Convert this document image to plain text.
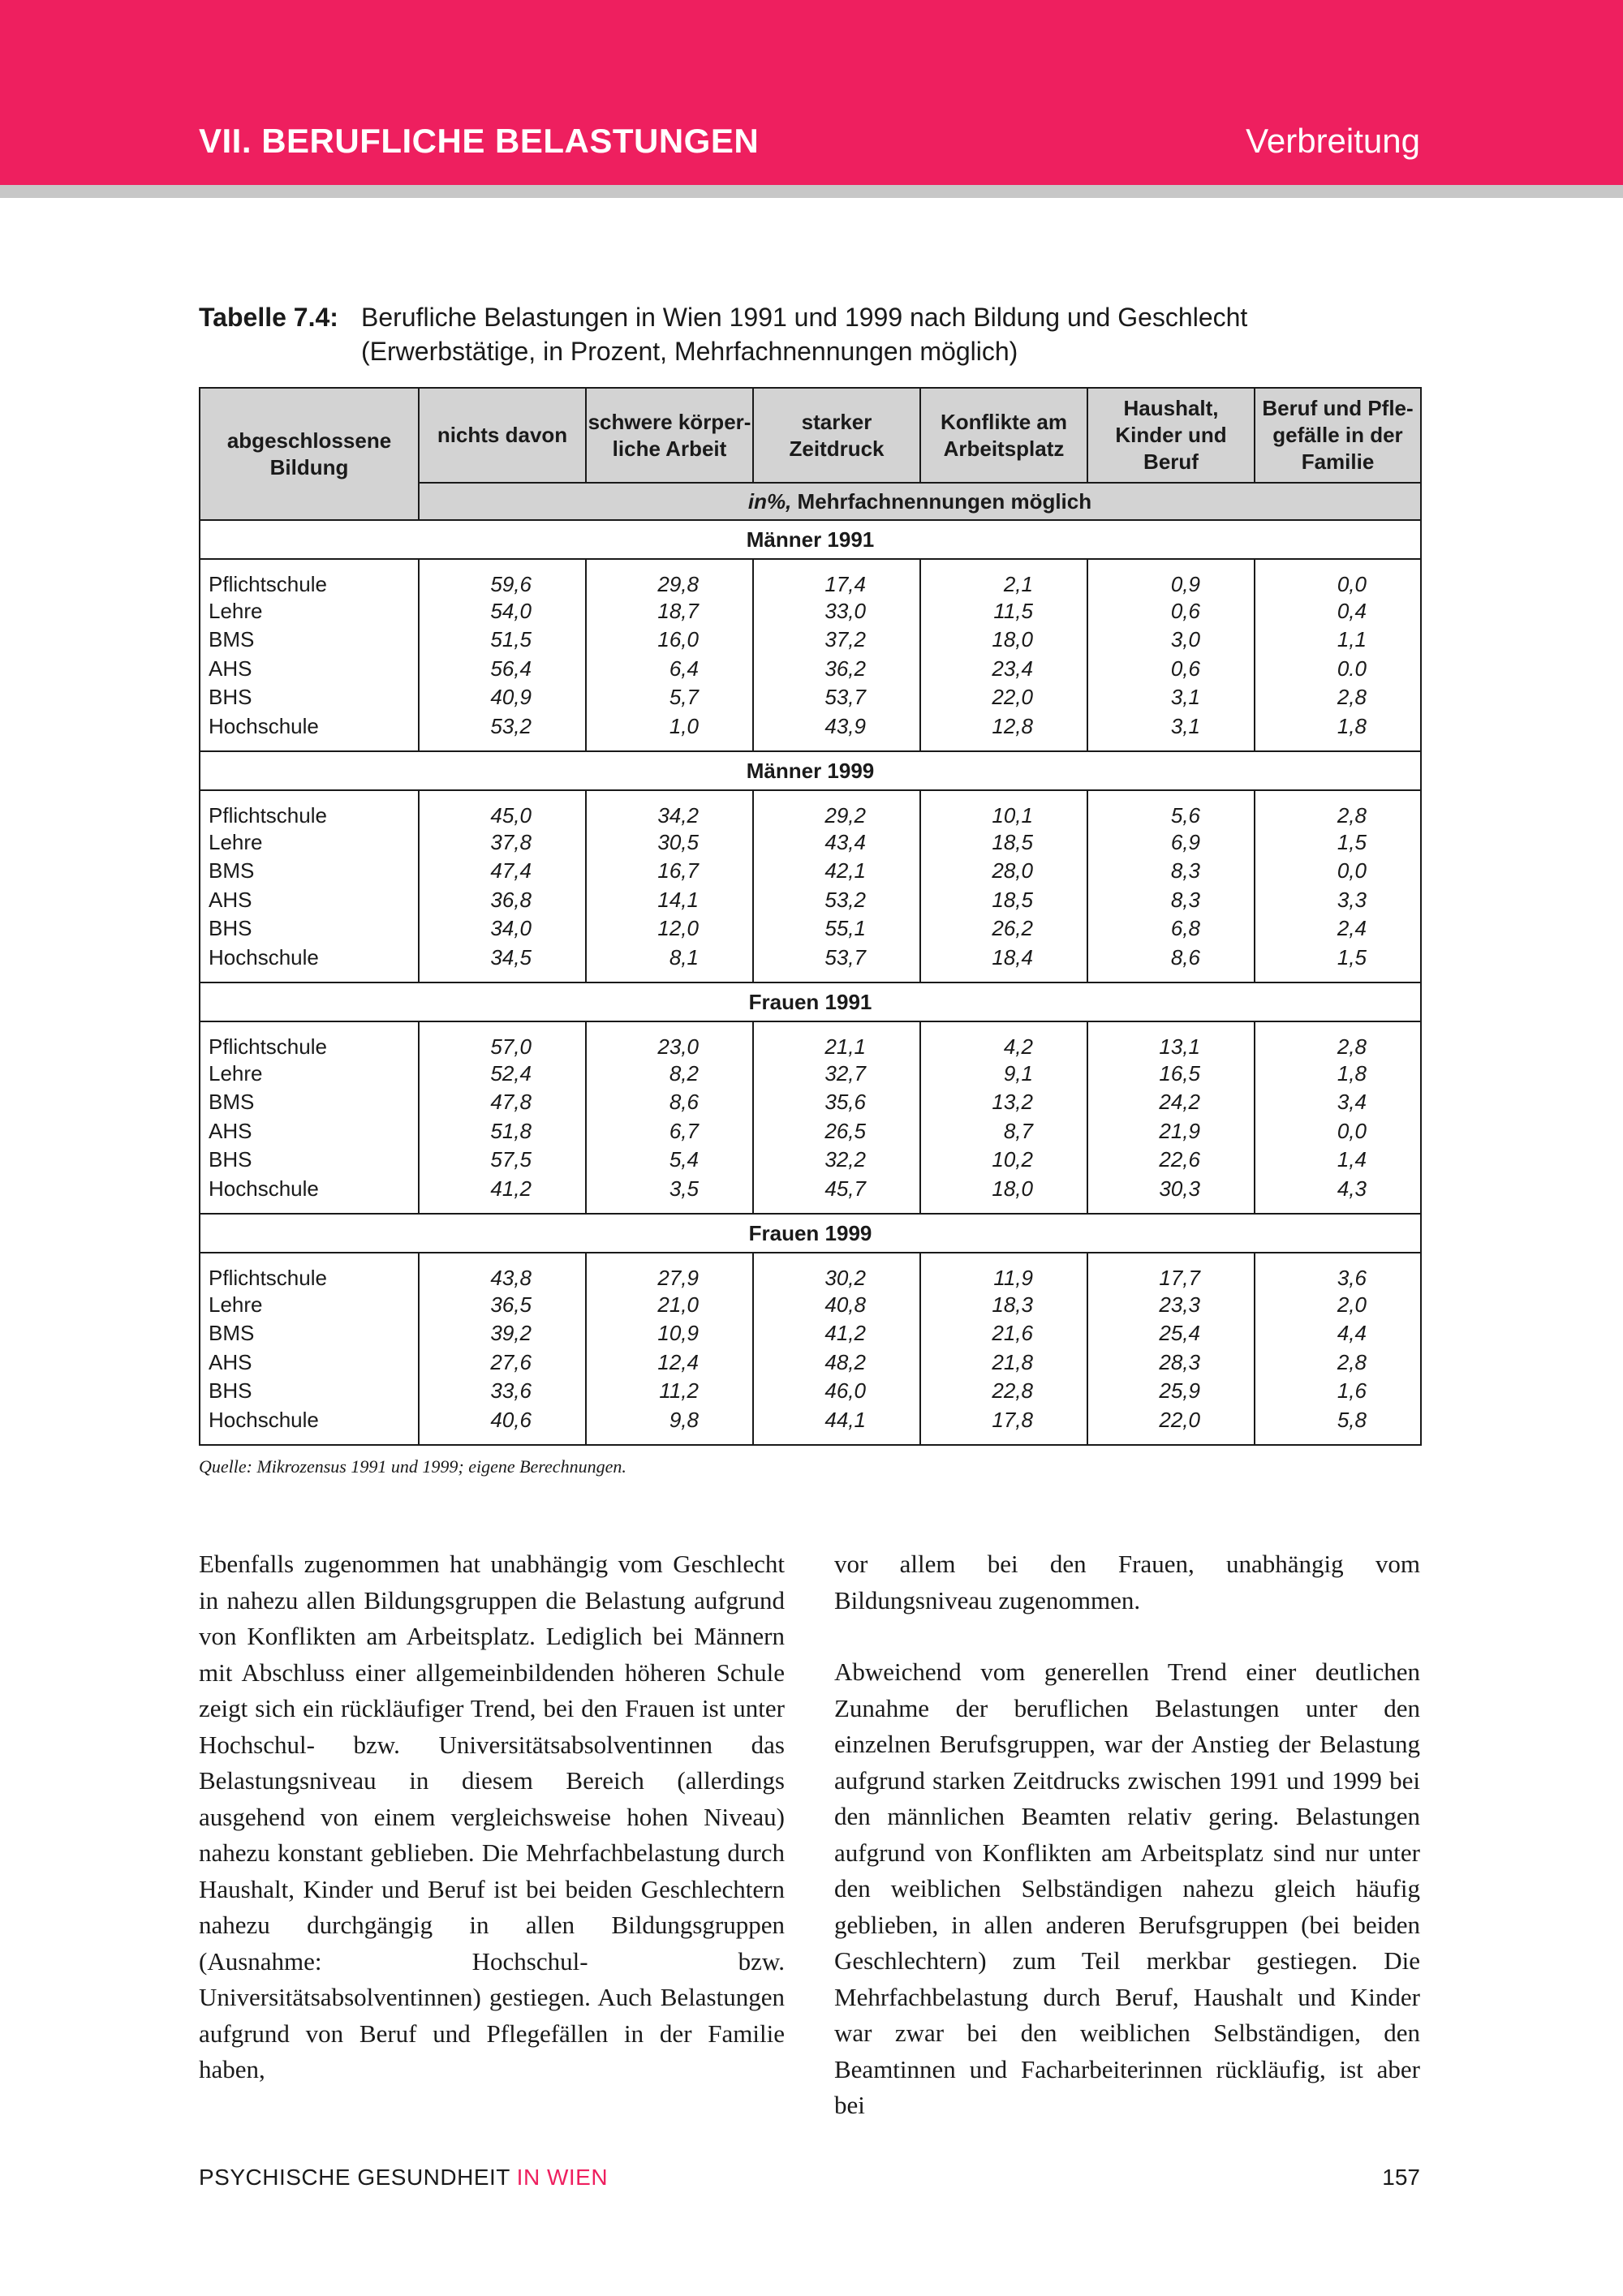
VII. BERUFLICHE BELASTUNGEN	Verbreitung
Tabelle 7.4: Berufliche Belastungen in Wien 1991 und 1999 nach Bildung und Geschlecht (Erwerbstätige, in Prozent, Mehrfachnennungen möglich)
abgeschlossene Bildung	nichts davon	schwere körper- liche Arbeit	starker Zeitdruck	Konflikte am Arbeitsplatz	Haushalt, Kinder und Beruf	Beruf und Pfle- gefälle in der Familie
	in%, Mehrfachnennungen möglich					
Männer 1991						
Pflichtschule	59,6	29,8	17,4	2,1	0,9	0,0
Lehre	54,0	18,7	33,0	11,5	0,6	0,4
BMS	51,5	16,0	37,2	18,0	3,0	1,1
AHS	56,4	6,4	36,2	23,4	0,6	0.0
BHS	40,9	5,7	53,7	22,0	3,1	2,8
Hochschule	53,2	1,0	43,9	12,8	3,1	1,8
Männer 1999						
Pflichtschule	45,0	34,2	29,2	10,1	5,6	2,8
Lehre	37,8	30,5	43,4	18,5	6,9	1,5
BMS	47,4	16,7	42,1	28,0	8,3	0,0
AHS	36,8	14,1	53,2	18,5	8,3	3,3
BHS	34,0	12,0	55,1	26,2	6,8	2,4
Hochschule	34,5	8,1	53,7	18,4	8,6	1,5
Frauen 1991						
Pflichtschule	57,0	23,0	21,1	4,2	13,1	2,8
Lehre	52,4	8,2	32,7	9,1	16,5	1,8
BMS	47,8	8,6	35,6	13,2	24,2	3,4
AHS	51,8	6,7	26,5	8,7	21,9	0,0
BHS	57,5	5,4	32,2	10,2	22,6	1,4
Hochschule	41,2	3,5	45,7	18,0	30,3	4,3
Frauen 1999						
Pflichtschule	43,8	27,9	30,2	11,9	17,7	3,6
Lehre	36,5	21,0	40,8	18,3	23,3	2,0
BMS	39,2	10,9	41,2	21,6	25,4	4,4
AHS	27,6	12,4	48,2	21,8	28,3	2,8
BHS	33,6	11,2	46,0	22,8	25,9	1,6
Hochschule	40,6	9,8	44,1	17,8	22,0	5,8
Quelle: Mikrozensus 1991 und 1999; eigene Berechnungen.

Ebenfalls zugenommen hat unabhängig vom Geschlecht in nahezu allen Bildungsgruppen die Belastung aufgrund von Konflikten am Arbeitsplatz. Lediglich bei Männern mit Abschluss einer allgemeinbildenden höheren Schule zeigt sich ein rückläufiger Trend, bei den Frauen ist unter Hochschul- bzw. Universitätsabsolventinnen das Belastungsniveau in diesem Bereich (allerdings ausgehend von einem vergleichsweise hohen Niveau) nahezu konstant geblieben. Die Mehrfachbelastung durch Haushalt, Kinder und Beruf ist bei beiden Geschlechtern nahezu durchgängig in allen Bildungsgruppen (Ausnahme: Hochschul- bzw. Universitätsabsolventinnen) gestiegen. Auch Belastungen aufgrund von Beruf und Pflegefällen in der Familie haben,

vor allem bei den Frauen, unabhängig vom Bildungsniveau zugenommen.

Abweichend vom generellen Trend einer deutlichen Zunahme der beruflichen Belastungen unter den einzelnen Berufsgruppen, war der Anstieg der Belastung aufgrund starken Zeitdrucks zwischen 1991 und 1999 bei den männlichen Beamten relativ gering. Belastungen aufgrund von Konflikten am Arbeitsplatz sind nur unter den weiblichen Selbständigen nahezu gleich häufig geblieben, in allen anderen Berufsgruppen (bei beiden Geschlechtern) zum Teil merkbar gestiegen. Die Mehrfachbelastung durch Beruf, Haushalt und Kinder war zwar bei den weiblichen Selbständigen, den Beamtinnen und Facharbeiterinnen rückläufig, ist aber bei

PSYCHISCHE GESUNDHEIT IN WIEN	157
